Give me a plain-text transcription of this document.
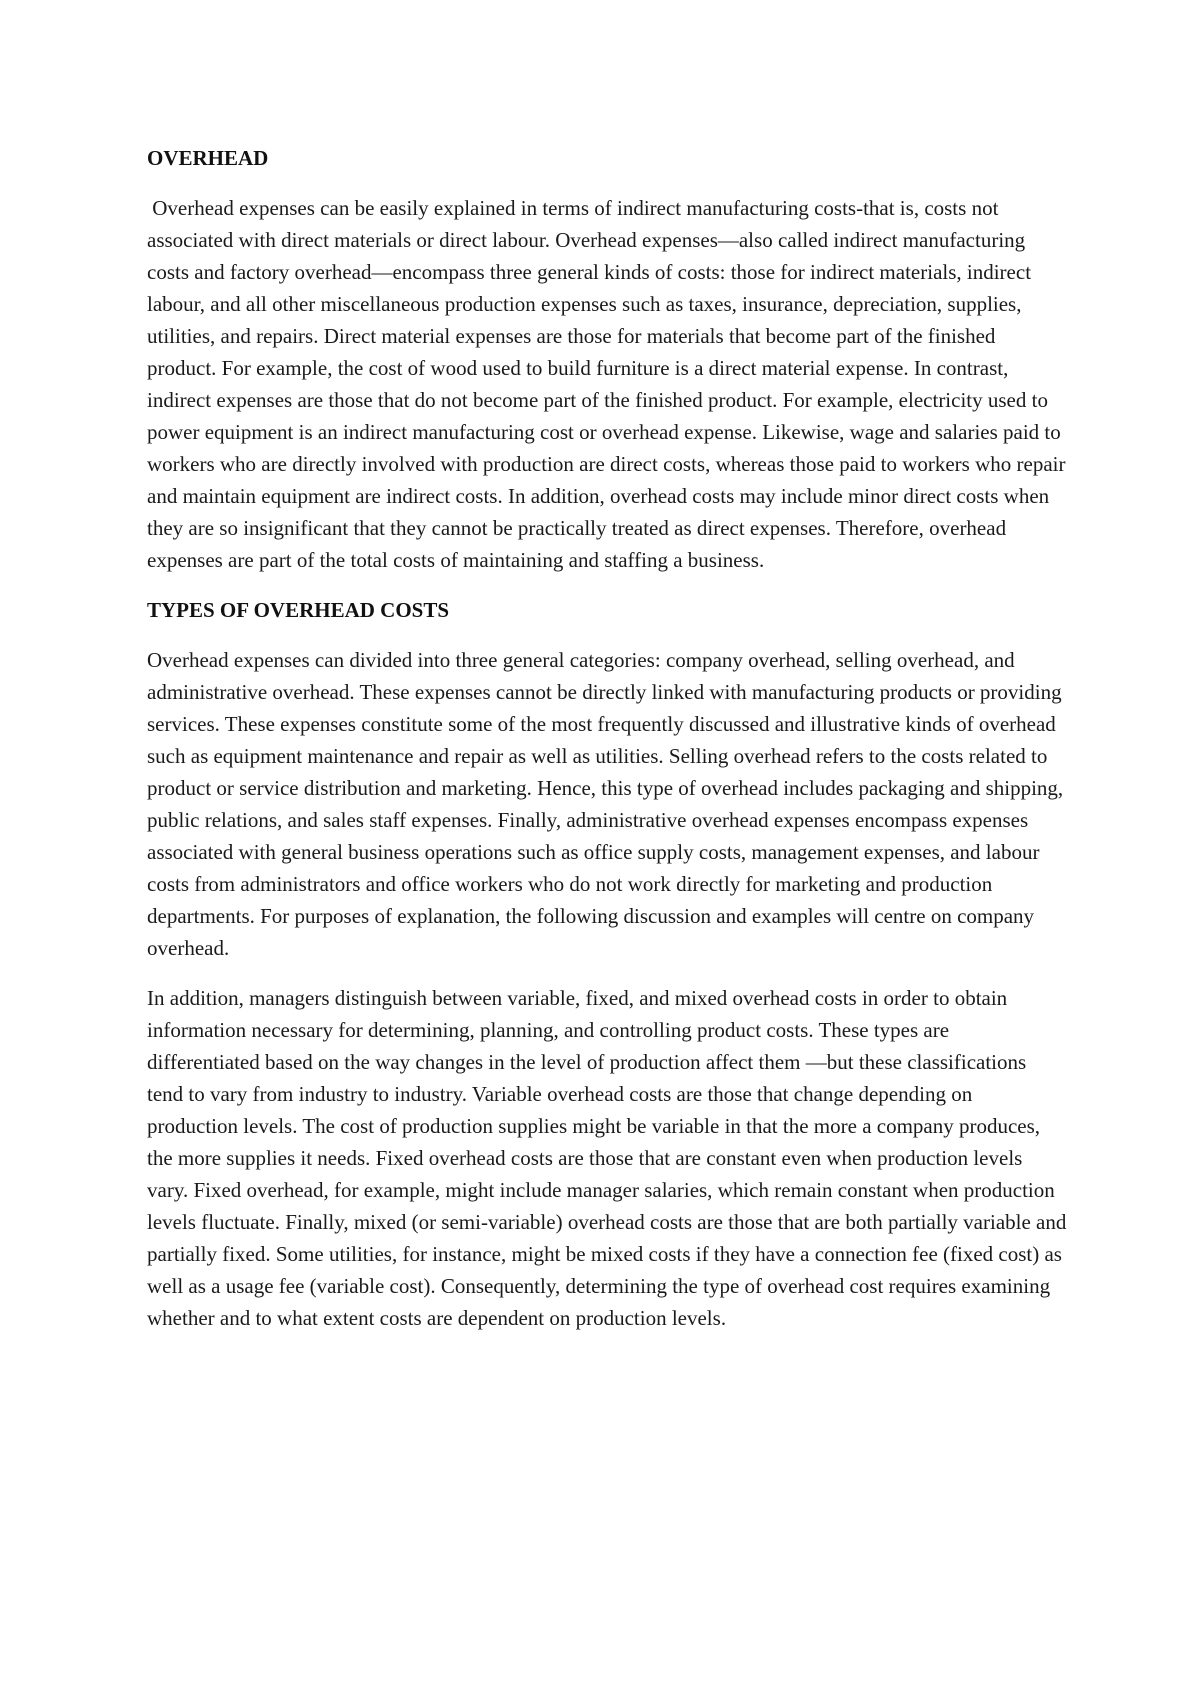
OVERHEAD

Overhead expenses can be easily explained in terms of indirect manufacturing costs-that is, costs not associated with direct materials or direct labour. Overhead expenses—also called indirect manufacturing costs and factory overhead—encompass three general kinds of costs: those for indirect materials, indirect labour, and all other miscellaneous production expenses such as taxes, insurance, depreciation, supplies, utilities, and repairs. Direct material expenses are those for materials that become part of the finished product. For example, the cost of wood used to build furniture is a direct material expense. In contrast, indirect expenses are those that do not become part of the finished product. For example, electricity used to power equipment is an indirect manufacturing cost or overhead expense. Likewise, wage and salaries paid to workers who are directly involved with production are direct costs, whereas those paid to workers who repair and maintain equipment are indirect costs. In addition, overhead costs may include minor direct costs when they are so insignificant that they cannot be practically treated as direct expenses. Therefore, overhead expenses are part of the total costs of maintaining and staffing a business.

TYPES OF OVERHEAD COSTS

Overhead expenses can divided into three general categories: company overhead, selling overhead, and administrative overhead. These expenses cannot be directly linked with manufacturing products or providing services. These expenses constitute some of the most frequently discussed and illustrative kinds of overhead such as equipment maintenance and repair as well as utilities. Selling overhead refers to the costs related to product or service distribution and marketing. Hence, this type of overhead includes packaging and shipping, public relations, and sales staff expenses. Finally, administrative overhead expenses encompass expenses associated with general business operations such as office supply costs, management expenses, and labour costs from administrators and office workers who do not work directly for marketing and production departments. For purposes of explanation, the following discussion and examples will centre on company overhead.

In addition, managers distinguish between variable, fixed, and mixed overhead costs in order to obtain information necessary for determining, planning, and controlling product costs. These types are differentiated based on the way changes in the level of production affect them —but these classifications tend to vary from industry to industry. Variable overhead costs are those that change depending on production levels. The cost of production supplies might be variable in that the more a company produces, the more supplies it needs. Fixed overhead costs are those that are constant even when production levels vary. Fixed overhead, for example, might include manager salaries, which remain constant when production levels fluctuate. Finally, mixed (or semi-variable) overhead costs are those that are both partially variable and partially fixed. Some utilities, for instance, might be mixed costs if they have a connection fee (fixed cost) as well as a usage fee (variable cost). Consequently, determining the type of overhead cost requires examining whether and to what extent costs are dependent on production levels.
